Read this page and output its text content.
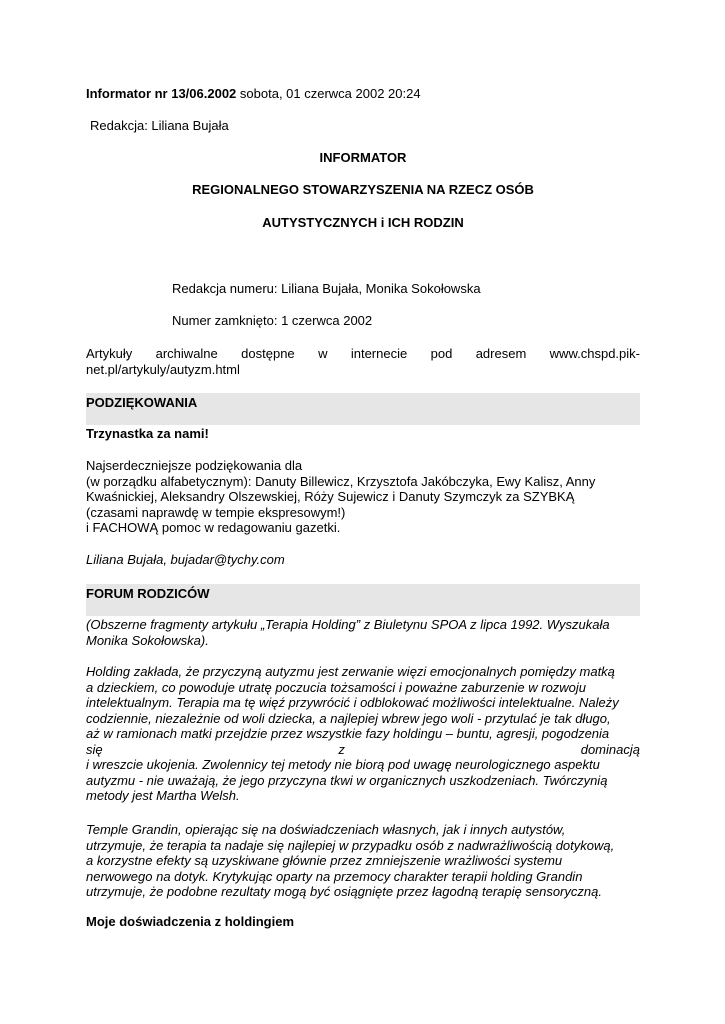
Informator nr 13/06.2002 sobota, 01 czerwca 2002 20:24
Redakcja: Liliana Bujała
INFORMATOR
REGIONALNEGO STOWARZYSZENIA NA RZECZ OSÓB
AUTYSTYCZNYCH i ICH RODZIN
Redakcja numeru: Liliana Bujała, Monika Sokołowska
Numer zamknięto: 1 czerwca 2002
Artykuły archiwalne dostępne w internecie pod adresem www.chspd.pik-
net.pl/artykuly/autyzm.html
PODZIĘKOWANIA
Trzynastka za nami!
Najserdeczniejsze podziękowania dla
(w porządku alfabetycznym): Danuty Billewicz, Krzysztofa Jakóbczyka, Ewy Kalisz, Anny
Kwaśnickiej, Aleksandry Olszewskiej, Róży Sujewicz i Danuty Szymczyk za SZYBKĄ
(czasami naprawdę w tempie ekspresowym!)
i FACHOWĄ pomoc w redagowaniu gazetki.
Liliana Bujała, bujadar@tychy.com
FORUM RODZICÓW
(Obszerne fragmenty artykułu „Terapia Holding” z Biuletynu SPOA z lipca 1992. Wyszukała
Monika Sokołowska).
Holding zakłada, że przyczyną autyzmu jest zerwanie więzi emocjonalnych pomiędzy matką
a dzieckiem, co powoduje utratę poczucia tożsamości i poważne zaburzenie w rozwoju
intelektualnym. Terapia ma tę więź przywrócić i odblokować możliwości intelektualne. Należy
codziennie, niezależnie od woli dziecka, a najlepiej wbrew jego woli - przytulać je tak długo,
aż w ramionach matki przejdzie przez wszystkie fazy holdingu – buntu, agresji, pogodzenia
się	z	dominacją
i wreszcie ukojenia. Zwolennicy tej metody nie biorą pod uwagę neurologicznego aspektu
autyzmu - nie uważają, że jego przyczyna tkwi w organicznych uszkodzeniach. Twórczynią
metody jest Martha Welsh.
Temple Grandin, opierając się na doświadczeniach własnych, jak i innych autystów,
utrzymuje, że terapia ta nadaje się najlepiej w przypadku osób z nadwrażliwością dotykową,
a korzystne efekty są uzyskiwane głównie przez zmniejszenie wrażliwości systemu
nerwowego na dotyk. Krytykując oparty na przemocy charakter terapii holding Grandin
utrzymuje, że podobne rezultaty mogą być osiągnięte przez łagodną terapię sensoryczną.
Moje doświadczenia z holdingiem
